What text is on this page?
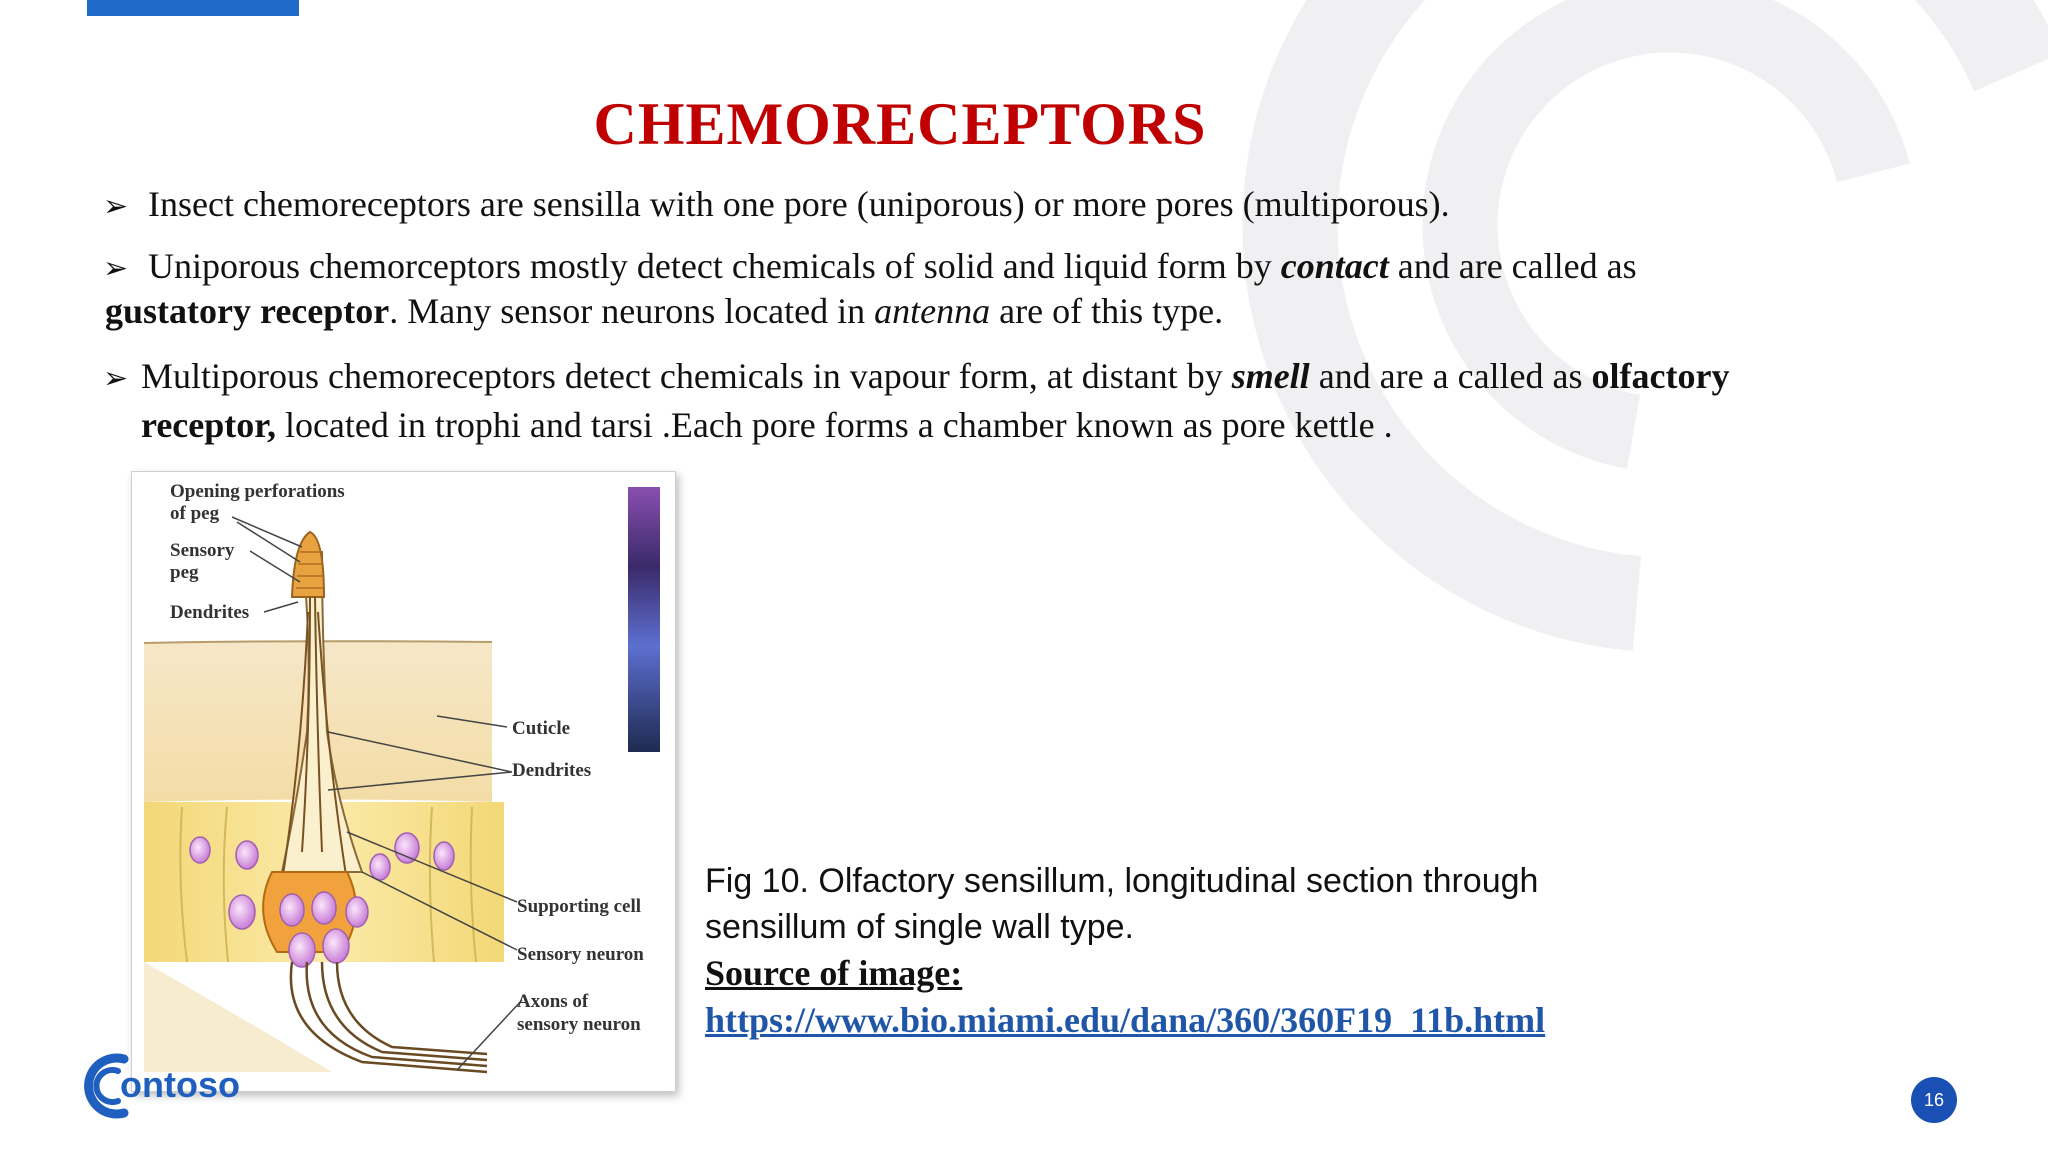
CHEMORECEPTORS
➢ Insect chemoreceptors are sensilla with one pore (uniporous) or more pores (multiporous).
➢ Uniporous chemorceptors mostly detect chemicals of solid and liquid form by contact and are called as
gustatory receptor. Many sensor neurons located in antenna are of this type.
➢ Multiporous chemoreceptors detect chemicals in vapour form, at distant by smell and are a called as olfactory
receptor, located in trophi and tarsi .Each pore forms a chamber known as pore kettle .
Opening perforations
of peg
Sensory
peg
Dendrites
Cuticle
Dendrites
Supporting cell
Sensory neuron
Axons of
sensory neuron
Fig 10. Olfactory sensillum, longitudinal section through
sensillum of single wall type.
Source of image:
https://www.bio.miami.edu/dana/360/360F19_11b.html
ontoso	16
